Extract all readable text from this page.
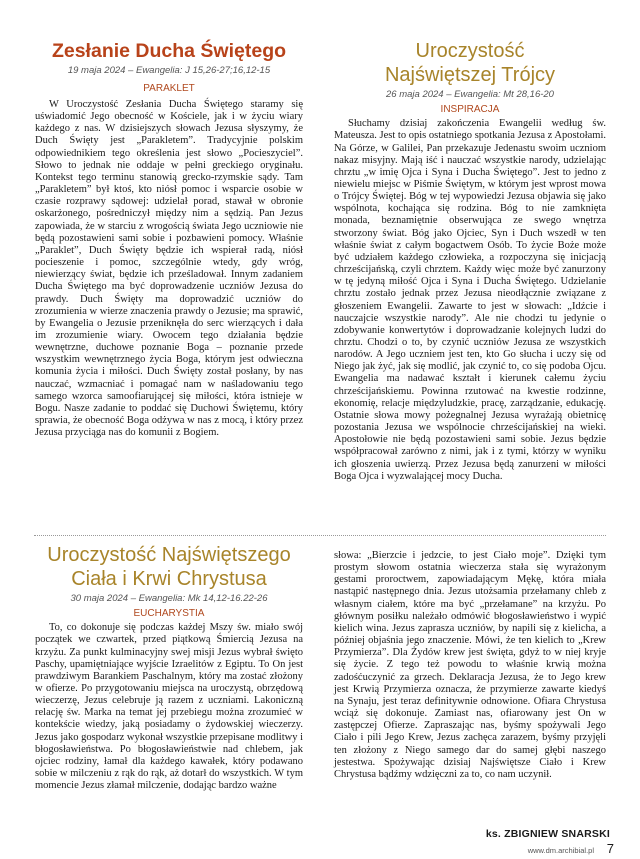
Zesłanie Ducha Świętego
19 maja 2024 – Ewangelia: J 15,26-27;16,12-15
PARAKLET

W Uroczystość Zesłania Ducha Świętego staramy się uświadomić Jego obecność w Kościele, jak i w życiu wiary każdego z nas. W dzisiejszych słowach Jezusa słyszymy, że Duch Święty jest „Parakletem”. Tradycyjnie polskim odpowiednikiem tego określenia jest słowo „Pocieszyciel”. Słowo to jednak nie oddaje w pełni greckiego oryginału. Kontekst tego terminu stanowią grecko-rzymskie sądy. Tam „Parakletem” był ktoś, kto niósł pomoc i wsparcie osobie w czasie rozprawy sądowej: udzielał porad, stawał w obronie oskarżonego, pośredniczył między nim a sędzią. Pan Jezus zapowiada, że w starciu z wrogością świata Jego uczniowie nie będą pozostawieni sami sobie i pozbawieni pomocy. Właśnie „Paraklet”, Duch Święty będzie ich wspierał radą, niósł pocieszenie i pomoc, szczególnie wtedy, gdy wróg, niewierzący świat, będzie ich prześladował. Innym zadaniem Ducha Świętego ma być doprowadzenie uczniów Jezusa do prawdy. Duch Święty ma doprowadzić uczniów do zrozumienia w wierze znaczenia prawdy o Jezusie; ma sprawić, by Ewangelia o Jezusie przeniknęła do serc wierzących i dała im zrozumienie wiary. Owocem tego działania będzie wewnętrzne, duchowe poznanie Boga – poznanie przede wszystkim wewnętrznego życia Boga, którym jest odwieczna komunia życia i miłości. Duch Święty został posłany, by nas nauczać, wzmacniać i pomagać nam w naśladowaniu tego samego wzorca samoofiarującej się miłości, która istnieje w Bogu. Nasze zadanie to poddać się Duchowi Świętemu, który sprawia, że obecność Boga odżywa w nas z mocą, i który przez Jezusa przyciąga nas do komunii z Bogiem.

Uroczystość
Najświętszej Trójcy
26 maja 2024 – Ewangelia: Mt 28,16-20
INSPIRACJA

Słuchamy dzisiaj zakończenia Ewangelii według św. Mateusza. Jest to opis ostatniego spotkania Jezusa z Apostołami. Na Górze, w Galilei, Pan przekazuje Jedenastu swoim uczniom nakaz misyjny. Mają iść i nauczać wszystkie narody, udzielając chrztu „w imię Ojca i Syna i Ducha Świętego”. Jest to jedno z niewielu miejsc w Piśmie Świętym, w którym jest wprost mowa o Trójcy Świętej. Bóg w tej wypowiedzi Jezusa objawia się jako wspólnota, kochająca się rodzina. Bóg to nie zamknięta monada, beznamiętnie obserwująca ze swego wnętrza stworzony świat. Bóg jako Ojciec, Syn i Duch wszedł w ten właśnie świat z całym bogactwem Osób. To życie Boże może być udziałem każdego człowieka, a rozpoczyna się inicjacją chrześcijańską, czyli chrztem. Każdy więc może być zanurzony w tę jedyną miłość Ojca i Syna i Ducha Świętego. Udzielanie chrztu zostało jednak przez Jezusa nieodłącznie związane z głoszeniem Ewangelii. Zawarte to jest w słowach: „Idźcie i nauczajcie wszystkie narody”. Ale nie chodzi tu jedynie o zdobywanie konwertytów i doprowadzanie kolejnych ludzi do chrztu. Chodzi o to, by czynić uczniów Jezusa ze wszystkich narodów. A Jego uczniem jest ten, kto Go słucha i uczy się od Niego jak żyć, jak się modlić, jak czynić to, co się podoba Ojcu. Ewangelia ma nadawać kształt i kierunek całemu życiu chrześcijańskiemu. Powinna rzutować na kwestie rodzinne, ekonomię, relacje międzyludzkie, pracę, zarządzanie, edukację. Ostatnie słowa mowy pożegnalnej Jezusa wyrażają obietnicę pozostania Jezusa we wspólnocie chrześcijańskiej na wieki. Apostołowie nie będą pozostawieni sami sobie. Jezus będzie współpracował zarówno z nimi, jak i z tymi, którzy w wyniku ich głoszenia uwierzą. Przez Jezusa będą zanurzeni w miłości Boga Ojca i wyzwalającej mocy Ducha.

Uroczystość Najświętszego
Ciała i Krwi Chrystusa
30 maja 2024 – Ewangelia: Mk 14,12-16.22-26
EUCHARYSTIA

To, co dokonuje się podczas każdej Mszy św. miało swój początek we czwartek, przed piątkową Śmiercią Jezusa na krzyżu. Za punkt kulminacyjny swej misji Jezus wybrał święto Paschy, upamiętniające wyjście Izraelitów z Egiptu. To On jest prawdziwym Barankiem Paschalnym, który ma zostać złożony w ofierze. Po przygotowaniu miejsca na uroczystą, obrzędową wieczerzę, Jezus celebruje ją razem z uczniami. Lakoniczną relację św. Marka na temat jej przebiegu można zrozumieć w kontekście wiedzy, jaką posiadamy o żydowskiej wieczerzy. Jezus jako gospodarz wykonał wszystkie przepisane modlitwy i błogosławieństwa. Po błogosławieństwie nad chlebem, jak ojciec rodziny, łamał dla każdego kawałek, który podawano sobie w milczeniu z rąk do rąk, aż dotarł do wszystkich. W tym momencie Jezus złamał milczenie, dodając bardzo ważne

słowa: „Bierzcie i jedzcie, to jest Ciało moje”. Dzięki tym prostym słowom ostatnia wieczerza stała się wyrażonym gestami proroctwem, zapowiadającym Mękę, która miała nastąpić następnego dnia. Jezus utożsamia przełamany chleb z własnym ciałem, które ma być „przełamane” na krzyżu. Po głównym posiłku należało odmówić błogosławieństwo i wypić kielich wina. Jezus zaprasza uczniów, by napili się z kielicha, a później objaśnia jego znaczenie. Mówi, że ten kielich to „Krew Przymierza”. Dla Żydów krew jest święta, gdyż to w niej kryje się życie. Z tego też powodu to właśnie krwią można zadośćuczynić za grzech. Deklaracja Jezusa, że to Jego krew jest Krwią Przymierza oznacza, że przymierze zawarte kiedyś na Synaju, jest teraz definitywnie odnowione. Ofiara Chrystusa wciąż się dokonuje. Zamiast nas, ofiarowany jest On w zastępczej Ofierze. Zapraszając nas, byśmy spożywali Jego Ciało i pili Jego Krew, Jezus zachęca zarazem, byśmy przyjęli ten złożony z Niego samego dar do samej głębi naszego jestestwa. Spożywając dzisiaj Najświętsze Ciało i Krew Chrystusa bądźmy wdzięczni za to, co nam uczynił.

ks. ZBIGNIEW SNARSKI
www.dm.archibial.pl 7
